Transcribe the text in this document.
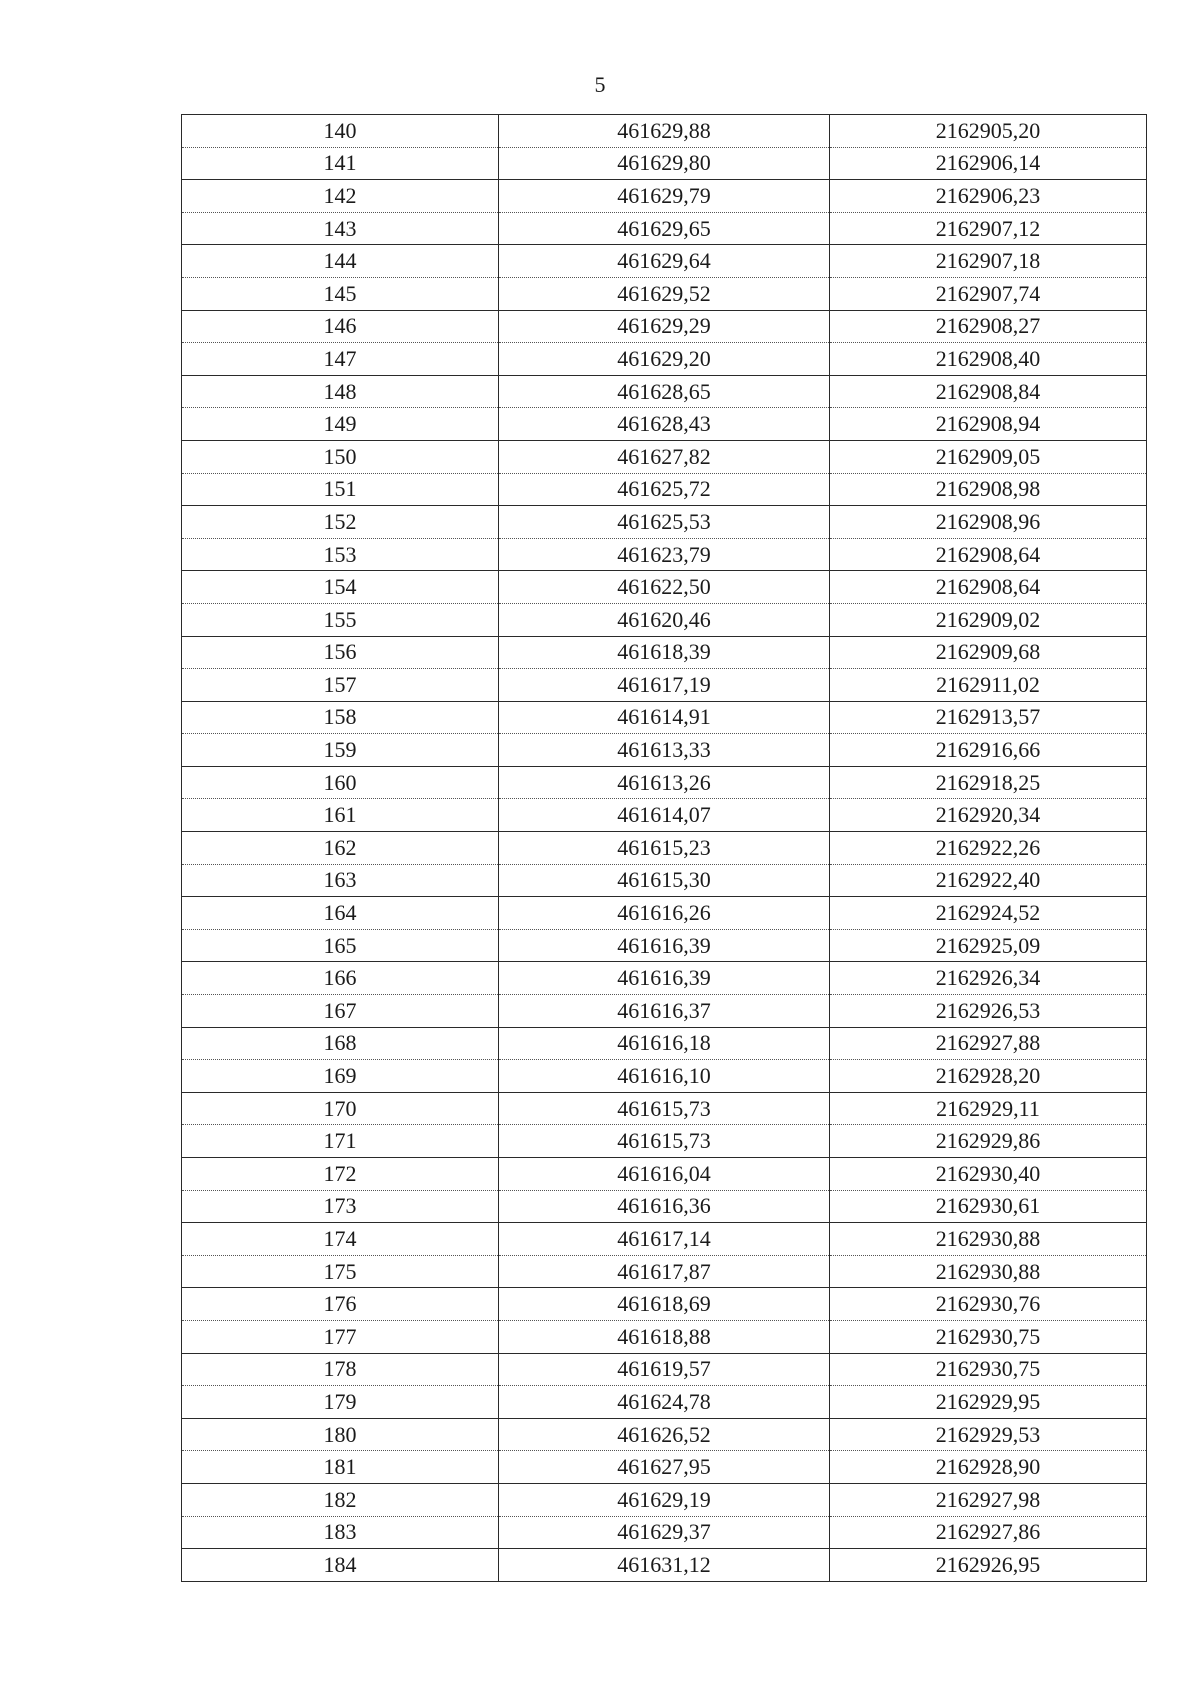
5
140	461629,88	2162905,20
141	461629,80	2162906,14
142	461629,79	2162906,23
143	461629,65	2162907,12
144	461629,64	2162907,18
145	461629,52	2162907,74
146	461629,29	2162908,27
147	461629,20	2162908,40
148	461628,65	2162908,84
149	461628,43	2162908,94
150	461627,82	2162909,05
151	461625,72	2162908,98
152	461625,53	2162908,96
153	461623,79	2162908,64
154	461622,50	2162908,64
155	461620,46	2162909,02
156	461618,39	2162909,68
157	461617,19	2162911,02
158	461614,91	2162913,57
159	461613,33	2162916,66
160	461613,26	2162918,25
161	461614,07	2162920,34
162	461615,23	2162922,26
163	461615,30	2162922,40
164	461616,26	2162924,52
165	461616,39	2162925,09
166	461616,39	2162926,34
167	461616,37	2162926,53
168	461616,18	2162927,88
169	461616,10	2162928,20
170	461615,73	2162929,11
171	461615,73	2162929,86
172	461616,04	2162930,40
173	461616,36	2162930,61
174	461617,14	2162930,88
175	461617,87	2162930,88
176	461618,69	2162930,76
177	461618,88	2162930,75
178	461619,57	2162930,75
179	461624,78	2162929,95
180	461626,52	2162929,53
181	461627,95	2162928,90
182	461629,19	2162927,98
183	461629,37	2162927,86
184	461631,12	2162926,95
